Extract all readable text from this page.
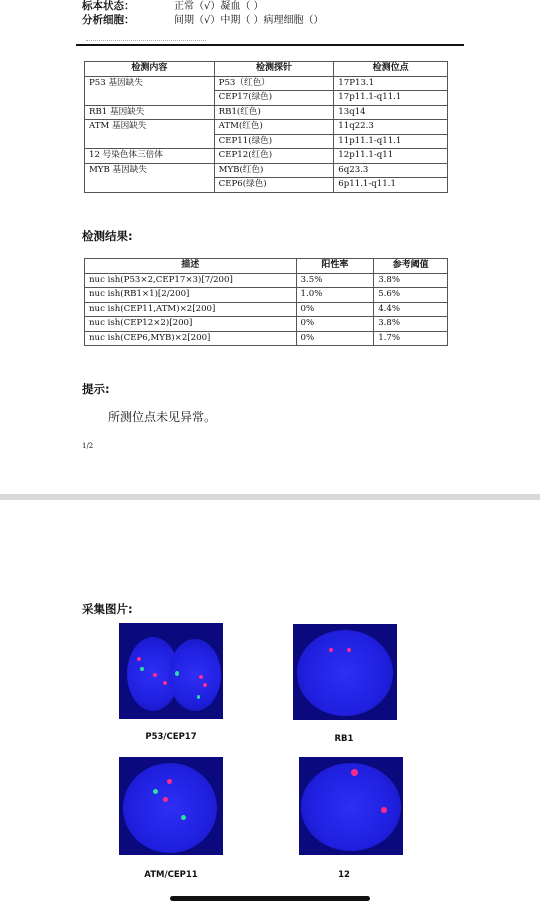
标本状态：	正常（√）凝血（ ）
分析细胞：	间期（√）中期（ ）病理细胞（）
检测内容	检测探针	检测位点
P53 基因缺失	P53（红色）	17P13.1
	CEP17(绿色)	17p11.1-q11.1
RB1 基因缺失	RB1(红色)	13q14
ATM 基因缺失	ATM(红色)	11q22.3
	CEP11(绿色)	11p11.1-q11.1
12 号染色体三倍体	CEP12(红色)	12p11.1-q11
MYB 基因缺失	MYB(红色)	6q23.3
	CEP6(绿色)	6p11.1-q11.1
检测结果:
描述	阳性率	参考阈值
nuc ish(P53×2,CEP17×3)[7/200]	3.5%	3.8%
nuc ish(RB1×1)[2/200]	1.0%	5.6%
nuc ish(CEP11,ATM)×2[200]	0%	4.4%
nuc ish(CEP12×2)[200]	0%	3.8%
nuc ish(CEP6,MYB)×2[200]	0%	1.7%
提示:
所测位点未见异常。
1/2
采集图片:
P53/CEP17	RB1
ATM/CEP11	12
